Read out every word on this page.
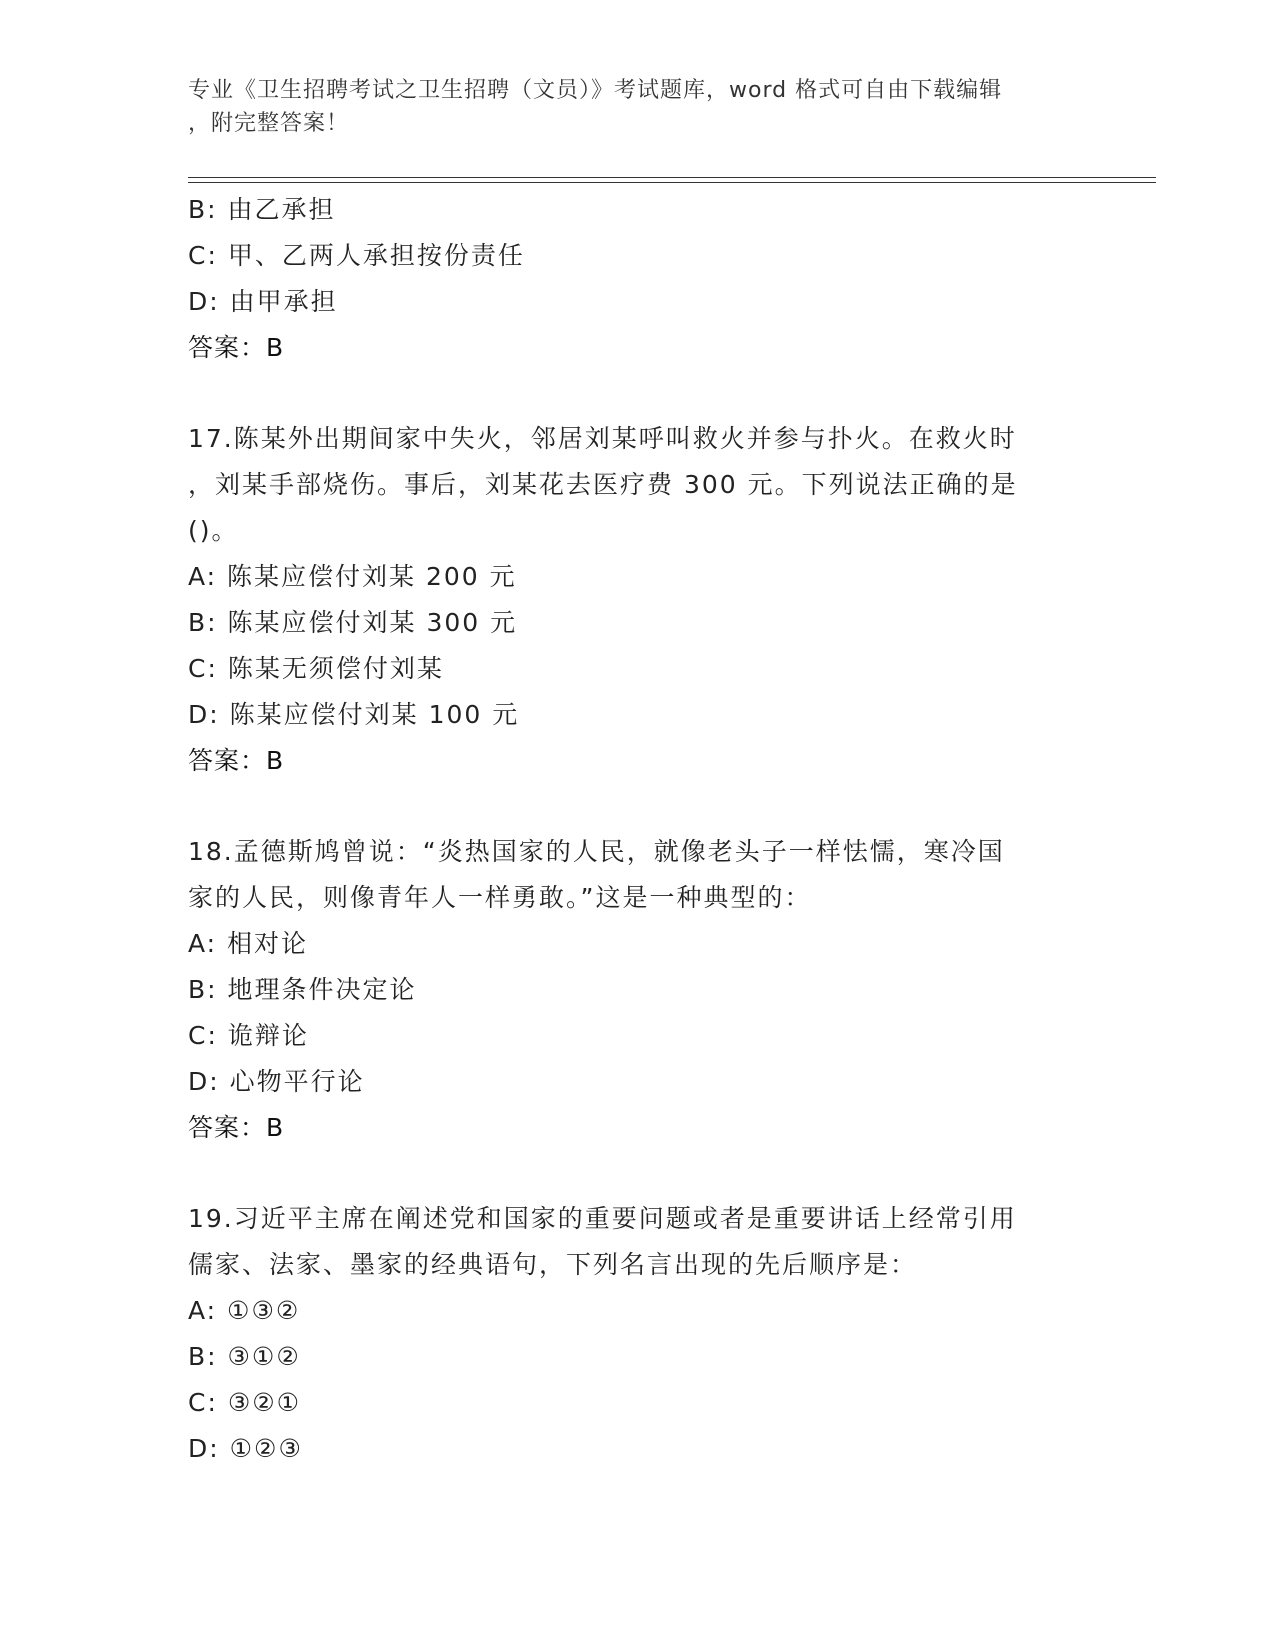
专业《卫生招聘考试之卫生招聘（文员）》考试题库，word 格式可自由下载编辑
，附完整答案！
B: 由乙承担
C: 甲、乙两人承担按份责任
D: 由甲承担
答案：B
17.陈某外出期间家中失火，邻居刘某呼叫救火并参与扑火。在救火时
，刘某手部烧伤。事后，刘某花去医疗费 300 元。下列说法正确的是
()。
A: 陈某应偿付刘某 200 元
B: 陈某应偿付刘某 300 元
C: 陈某无须偿付刘某
D: 陈某应偿付刘某 100 元
答案：B
18.孟德斯鸠曾说：“炎热国家的人民，就像老头子一样怯懦，寒冷国
家的人民，则像青年人一样勇敢。”这是一种典型的：
A: 相对论
B: 地理条件决定论
C: 诡辩论
D: 心物平行论
答案：B
19.习近平主席在阐述党和国家的重要问题或者是重要讲话上经常引用
儒家、法家、墨家的经典语句，下列名言出现的先后顺序是：
A: ①③②
B: ③①②
C: ③②①
D: ①②③
